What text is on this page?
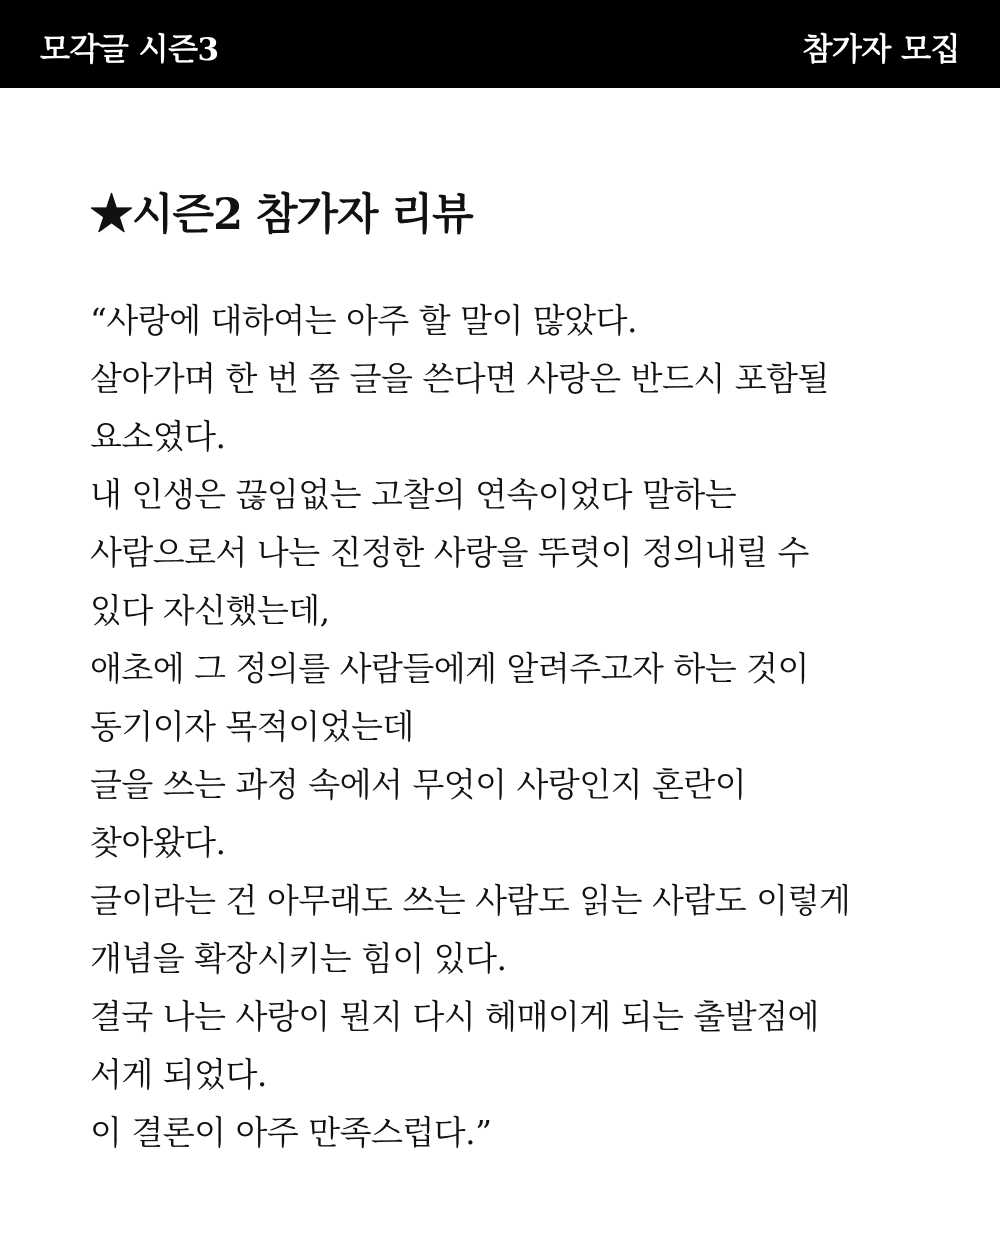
모각글 시즌3	참가자 모집
★시즌2 참가자 리뷰
“사랑에 대하여는 아주 할 말이 많았다.
살아가며 한 번 쯤 글을 쓴다면 사랑은 반드시 포함될
요소였다.
내 인생은 끊임없는 고찰의 연속이었다 말하는
사람으로서 나는 진정한 사랑을 뚜렷이 정의내릴 수
있다 자신했는데,
애초에 그 정의를 사람들에게 알려주고자 하는 것이
동기이자 목적이었는데
글을 쓰는 과정 속에서 무엇이 사랑인지 혼란이
찾아왔다.
글이라는 건 아무래도 쓰는 사람도 읽는 사람도 이렇게
개념을 확장시키는 힘이 있다.
결국 나는 사랑이 뭔지 다시 헤매이게 되는 출발점에
서게 되었다.
이 결론이 아주 만족스럽다.”
